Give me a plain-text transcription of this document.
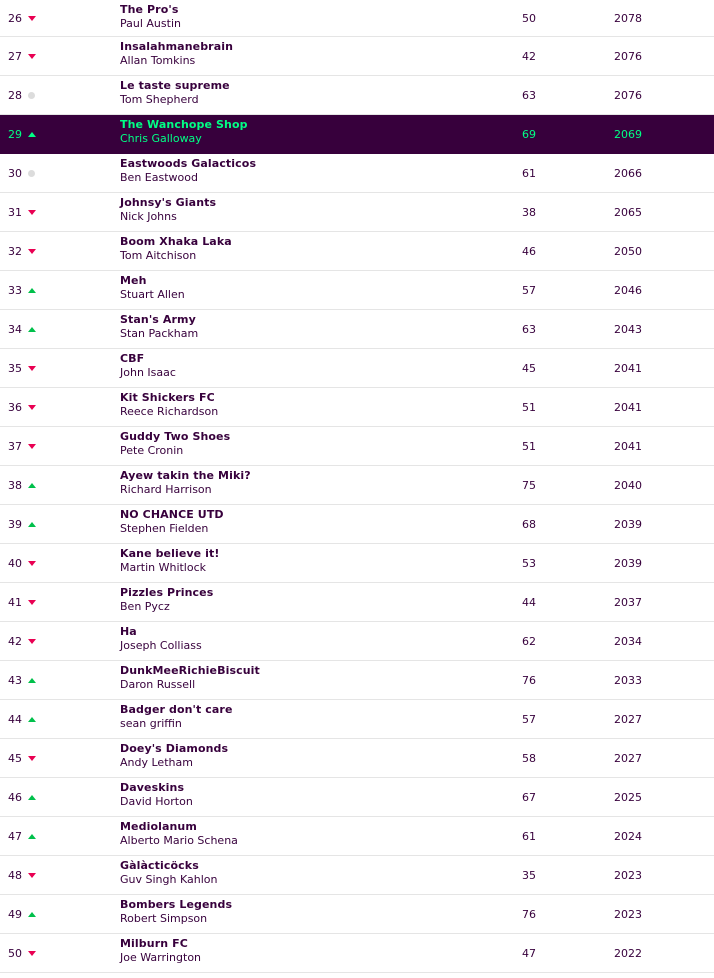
26
The Pro's
Paul Austin	50	2078
27
Insalahmanebrain
Allan Tomkins	42	2076
28
Le taste supreme
Tom Shepherd	63	2076
29
The Wanchope Shop
Chris Galloway	69	2069
30
Eastwoods Galacticos
Ben Eastwood	61	2066
31
Johnsy's Giants
Nick Johns	38	2065
32
Boom Xhaka Laka
Tom Aitchison	46	2050
33
Meh
Stuart Allen	57	2046
34
Stan's Army
Stan Packham	63	2043
35
CBF
John Isaac	45	2041
36
Kit Shickers FC
Reece Richardson	51	2041
37
Guddy Two Shoes
Pete Cronin	51	2041
38
Ayew takin the Miki?
Richard Harrison	75	2040
39
NO CHANCE UTD
Stephen Fielden	68	2039
40
Kane believe it!
Martin Whitlock	53	2039
41
Pizzles Princes
Ben Pycz	44	2037
42
Ha
Joseph Colliass	62	2034
43
DunkMeeRichieBiscuit
Daron Russell	76	2033
44
Badger don't care
sean griffin	57	2027
45
Doey's Diamonds
Andy Letham	58	2027
46
Daveskins
David Horton	67	2025
47
Mediolanum
Alberto Mario Schena	61	2024
48
Gàlàcticöcks
Guv Singh Kahlon	35	2023
49
Bombers Legends
Robert Simpson	76	2023
50
Milburn FC
Joe Warrington	47	2022
